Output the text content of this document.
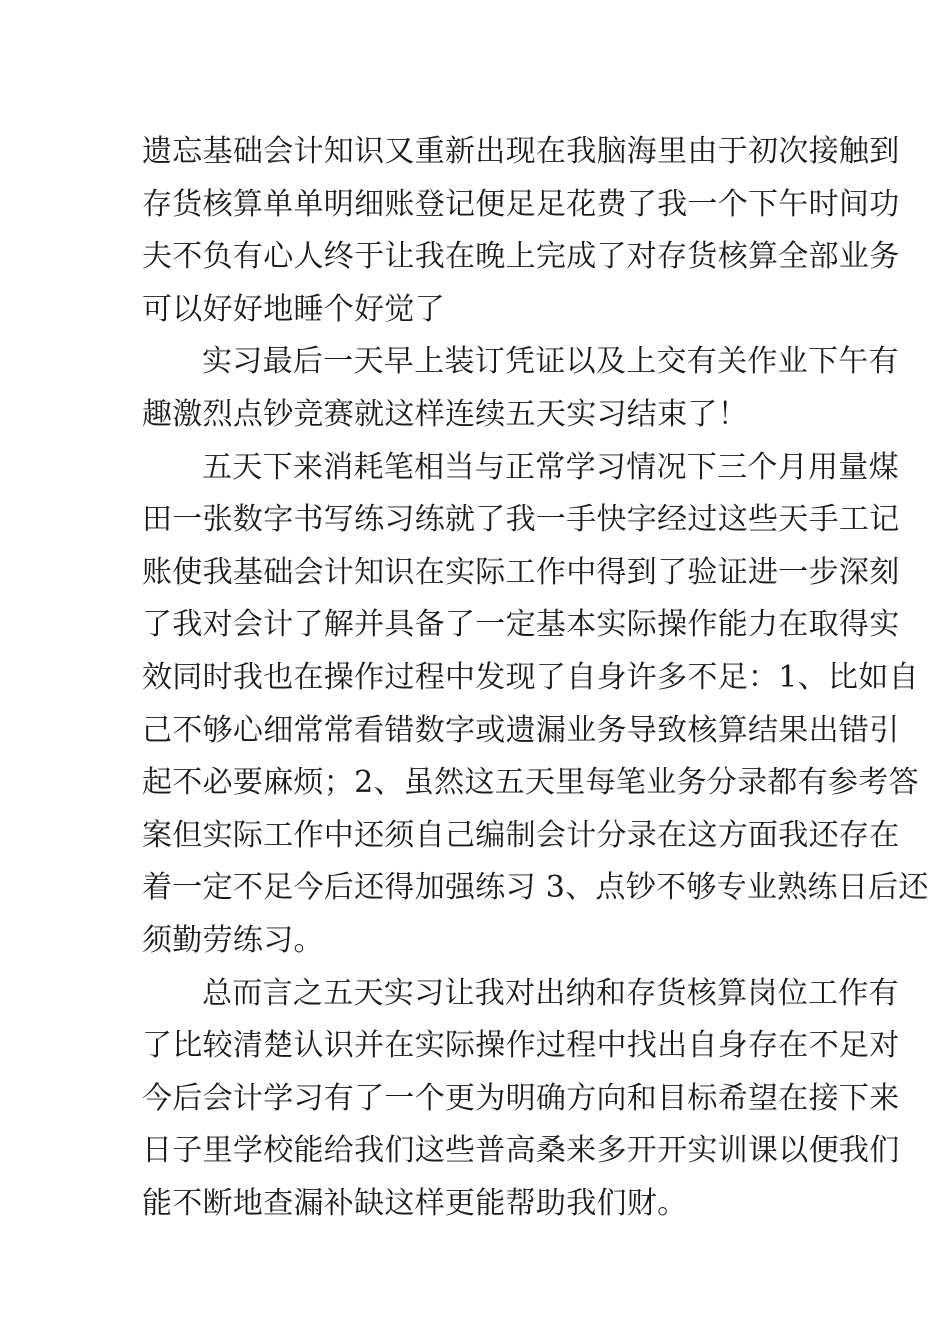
遗忘基础会计知识又重新出现在我脑海里由于初次接触到
存货核算单单明细账登记便足足花费了我一个下午时间功
夫不负有心人终于让我在晚上完成了对存货核算全部业务
可以好好地睡个好觉了
实习最后一天早上装订凭证以及上交有关作业下午有
趣激烈点钞竞赛就这样连续五天实习结束了！
五天下来消耗笔相当与正常学习情况下三个月用量煤
田一张数字书写练习练就了我一手快字经过这些天手工记
账使我基础会计知识在实际工作中得到了验证进一步深刻
了我对会计了解并具备了一定基本实际操作能力在取得实
效同时我也在操作过程中发现了自身许多不足：1、比如自
己不够心细常常看错数字或遗漏业务导致核算结果出错引
起不必要麻烦；2、虽然这五天里每笔业务分录都有参考答
案但实际工作中还须自己编制会计分录在这方面我还存在
着一定不足今后还得加强练习 3、点钞不够专业熟练日后还
须勤劳练习。
总而言之五天实习让我对出纳和存货核算岗位工作有
了比较清楚认识并在实际操作过程中找出自身存在不足对
今后会计学习有了一个更为明确方向和目标希望在接下来
日子里学校能给我们这些普高桑来多开开实训课以便我们
能不断地查漏补缺这样更能帮助我们财。
